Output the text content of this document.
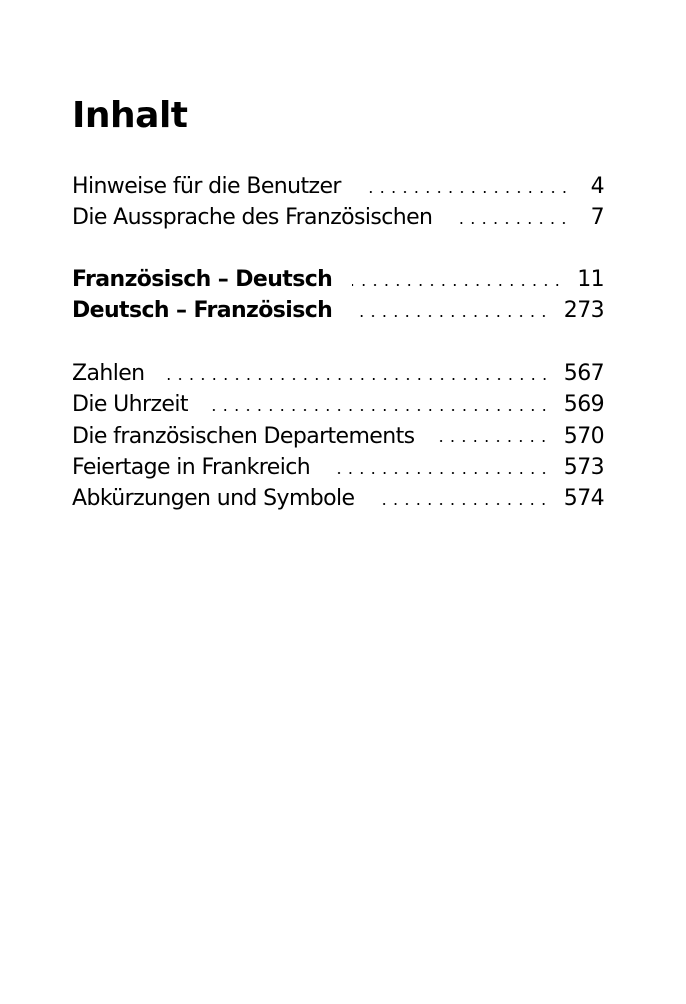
Inhalt
Hinweise für die Benutzer	4
Die Aussprache des Französischen	7
Französisch – Deutsch	11
Deutsch – Französisch	273
Zahlen	567
Die Uhrzeit	569
Die französischen Departements	570
Feiertage in Frankreich	573
Abkürzungen und Symbole	574
